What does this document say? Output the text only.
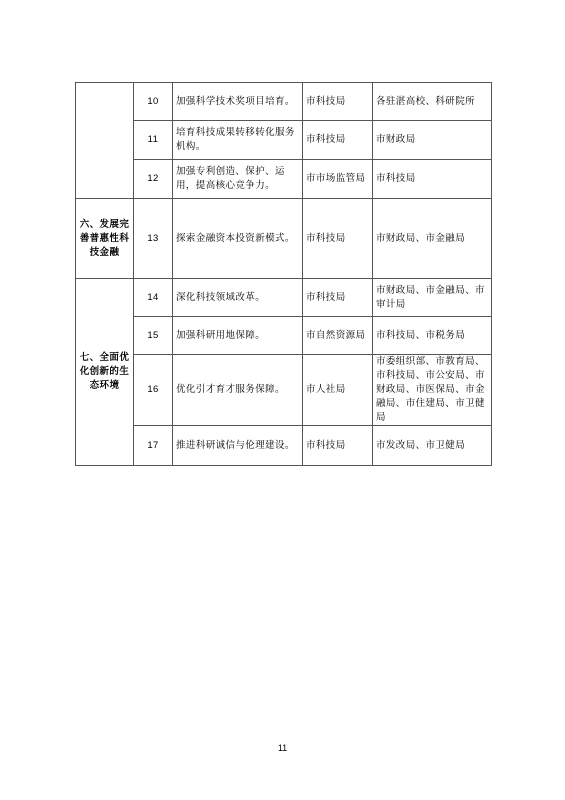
	10	加强科学技术奖项目培育。	市科技局	各驻湛高校、科研院所
	11	培育科技成果转移转化服务机构。	市科技局	市财政局
	12	加强专利创造、保护、运用，提高核心竞争力。	市市场监管局	市科技局
六、发展完善普惠性科技金融	13	探索金融资本投资新模式。	市科技局	市财政局、市金融局
七、全面优化创新的生态环境	14	深化科技领域改革。	市科技局	市财政局、市金融局、市审计局
	15	加强科研用地保障。	市自然资源局	市科技局、市税务局
	16	优化引才育才服务保障。	市人社局	市委组织部、市教育局、市科技局、市公安局、市财政局、市医保局、市金融局、市住建局、市卫健局
	17	推进科研诚信与伦理建设。	市科技局	市发改局、市卫健局
11
